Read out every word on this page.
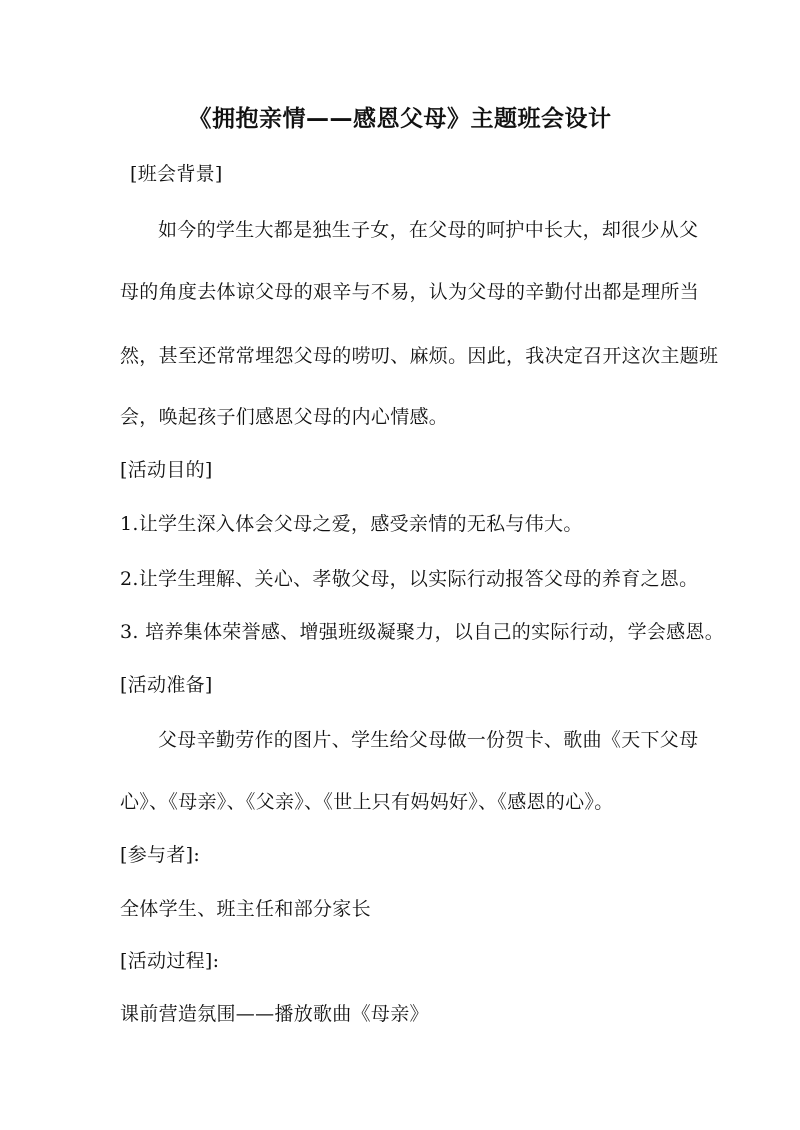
《拥抱亲情——感恩父母》主题班会设计
[班会背景]
如今的学生大都是独生子女，在父母的呵护中长大，却很少从父
母的角度去体谅父母的艰辛与不易，认为父母的辛勤付出都是理所当
然，甚至还常常埋怨父母的唠叨、麻烦。因此，我决定召开这次主题班
会，唤起孩子们感恩父母的内心情感。
[活动目的]
1.让学生深入体会父母之爱，感受亲情的无私与伟大。
2.让学生理解、关心、孝敬父母，以实际行动报答父母的养育之恩。
3. 培养集体荣誉感、增强班级凝聚力，以自己的实际行动，学会感恩。
[活动准备]
父母辛勤劳作的图片、学生给父母做一份贺卡、歌曲《天下父母
心》、《母亲》、《父亲》、《世上只有妈妈好》、《感恩的心》。
[参与者]:
全体学生、班主任和部分家长
[活动过程]:
课前营造氛围——播放歌曲《母亲》
